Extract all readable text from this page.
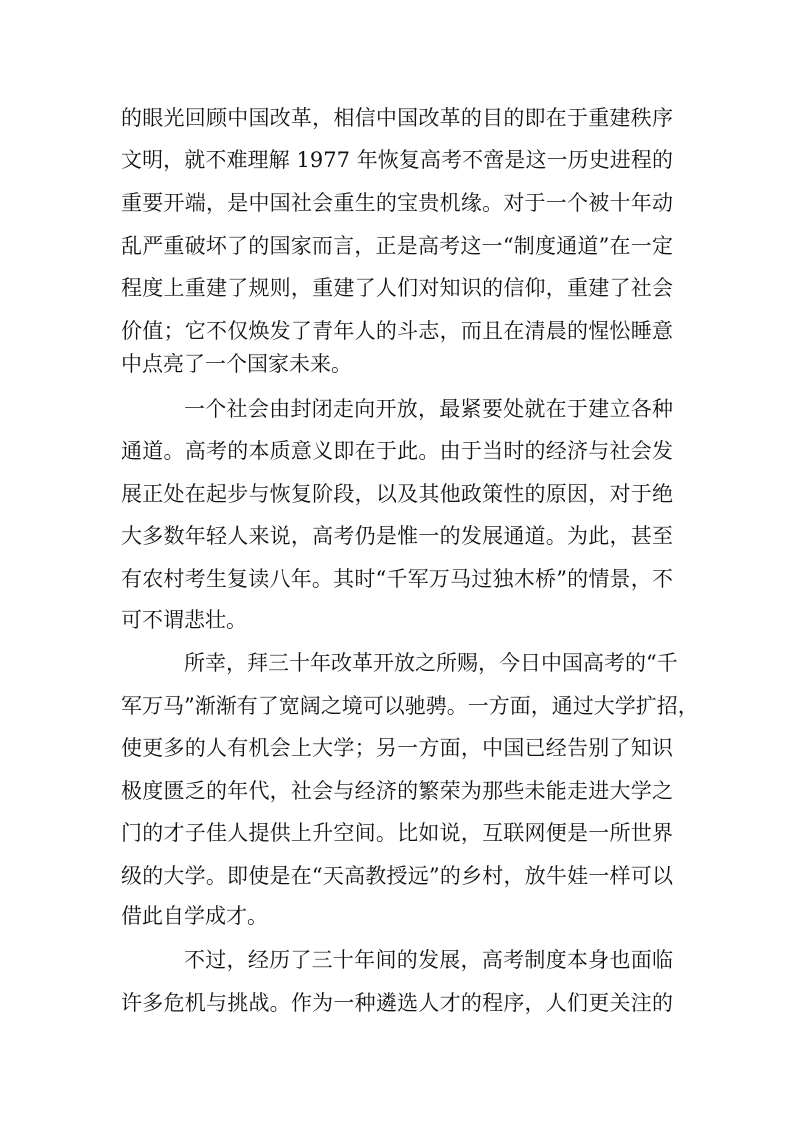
的眼光回顾中国改革，相信中国改革的目的即在于重建秩序
文明，就不难理解 1977 年恢复高考不啻是这一历史进程的
重要开端，是中国社会重生的宝贵机缘。对于一个被十年动
乱严重破坏了的国家而言，正是高考这一“制度通道”在一定
程度上重建了规则，重建了人们对知识的信仰，重建了社会
价值；它不仅焕发了青年人的斗志，而且在清晨的惺忪睡意
中点亮了一个国家未来。
一个社会由封闭走向开放，最紧要处就在于建立各种
通道。高考的本质意义即在于此。由于当时的经济与社会发
展正处在起步与恢复阶段，以及其他政策性的原因，对于绝
大多数年轻人来说，高考仍是惟一的发展通道。为此，甚至
有农村考生复读八年。其时“千军万马过独木桥”的情景，不
可不谓悲壮。
所幸，拜三十年改革开放之所赐，今日中国高考的“千
军万马”渐渐有了宽阔之境可以驰骋。一方面，通过大学扩招，
使更多的人有机会上大学；另一方面，中国已经告别了知识
极度匮乏的年代，社会与经济的繁荣为那些未能走进大学之
门的才子佳人提供上升空间。比如说，互联网便是一所世界
级的大学。即使是在“天高教授远”的乡村，放牛娃一样可以
借此自学成才。
不过，经历了三十年间的发展，高考制度本身也面临
许多危机与挑战。作为一种遴选人才的程序，人们更关注的
